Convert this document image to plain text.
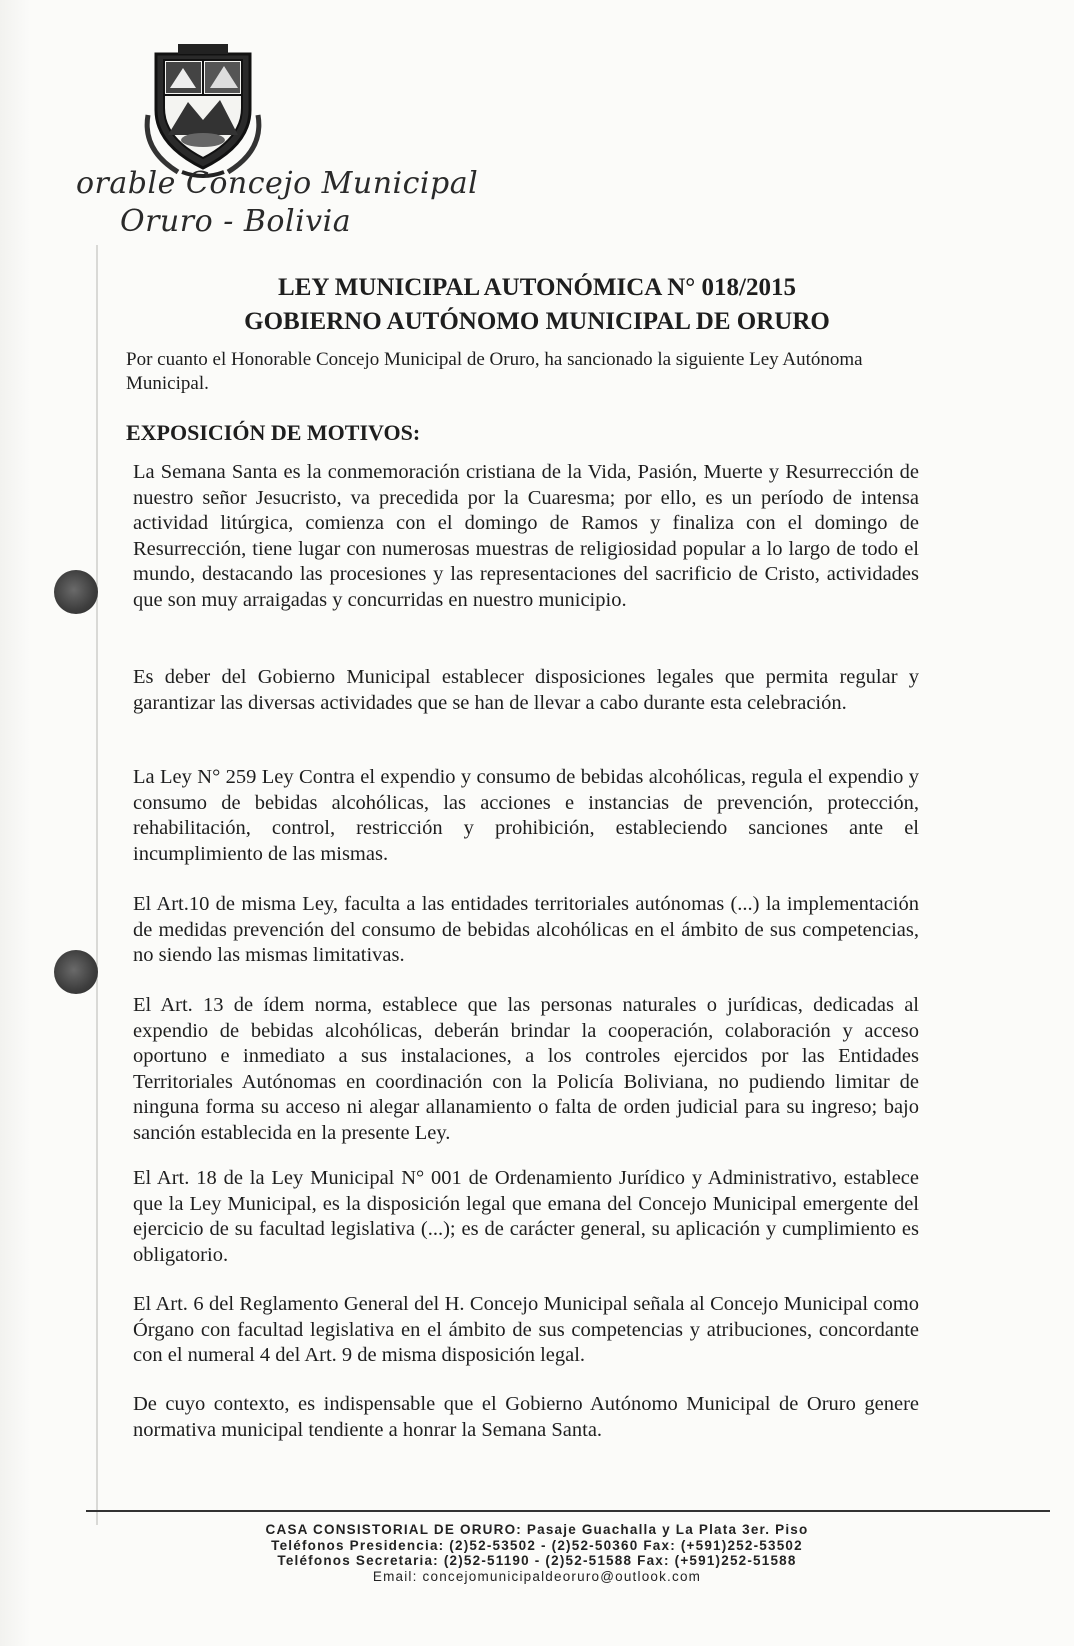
orable Concejo Municipal
Oruro - Bolivia
LEY MUNICIPAL AUTONÓMICA N° 018/2015
GOBIERNO AUTÓNOMO MUNICIPAL DE ORURO
Por cuanto el Honorable Concejo Municipal de Oruro, ha sancionado la siguiente Ley Autónoma Municipal.
EXPOSICIÓN DE MOTIVOS:

La Semana Santa es la conmemoración cristiana de la Vida, Pasión, Muerte y Resurrección de nuestro señor Jesucristo, va precedida por la Cuaresma; por ello, es un período de intensa actividad litúrgica, comienza con el domingo de Ramos y finaliza con el domingo de Resurrección, tiene lugar con numerosas muestras de religiosidad popular a lo largo de todo el mundo, destacando las procesiones y las representaciones del sacrificio de Cristo, actividades que son muy arraigadas y concurridas en nuestro municipio.

Es deber del Gobierno Municipal establecer disposiciones legales que permita regular y garantizar las diversas actividades que se han de llevar a cabo durante esta celebración.

La Ley N° 259 Ley Contra el expendio y consumo de bebidas alcohólicas, regula el expendio y consumo de bebidas alcohólicas, las acciones e instancias de prevención, protección, rehabilitación, control, restricción y prohibición, estableciendo sanciones ante el incumplimiento de las mismas.

El Art.10 de misma Ley, faculta a las entidades territoriales autónomas (...) la implementación de medidas prevención del consumo de bebidas alcohólicas en el ámbito de sus competencias, no siendo las mismas limitativas.

El Art. 13 de ídem norma, establece que las personas naturales o jurídicas, dedicadas al expendio de bebidas alcohólicas, deberán brindar la cooperación, colaboración y acceso oportuno e inmediato a sus instalaciones, a los controles ejercidos por las Entidades Territoriales Autónomas en coordinación con la Policía Boliviana, no pudiendo limitar de ninguna forma su acceso ni alegar allanamiento o falta de orden judicial para su ingreso; bajo sanción establecida en la presente Ley.

El Art. 18 de la Ley Municipal N° 001 de Ordenamiento Jurídico y Administrativo, establece que la Ley Municipal, es la disposición legal que emana del Concejo Municipal emergente del ejercicio de su facultad legislativa (...); es de carácter general, su aplicación y cumplimiento es obligatorio.

El Art. 6 del Reglamento General del H. Concejo Municipal señala al Concejo Municipal como Órgano con facultad legislativa en el ámbito de sus competencias y atribuciones, concordante con el numeral 4 del Art. 9 de misma disposición legal.

De cuyo contexto, es indispensable que el Gobierno Autónomo Municipal de Oruro genere normativa municipal tendiente a honrar la Semana Santa.

CASA CONSISTORIAL DE ORURO: Pasaje Guachalla y La Plata 3er. Piso
Teléfonos Presidencia: (2)52-53502 - (2)52-50360 Fax: (+591)252-53502
Teléfonos Secretaria: (2)52-51190 - (2)52-51588 Fax: (+591)252-51588
Email: concejomunicipaldeoruro@outlook.com
